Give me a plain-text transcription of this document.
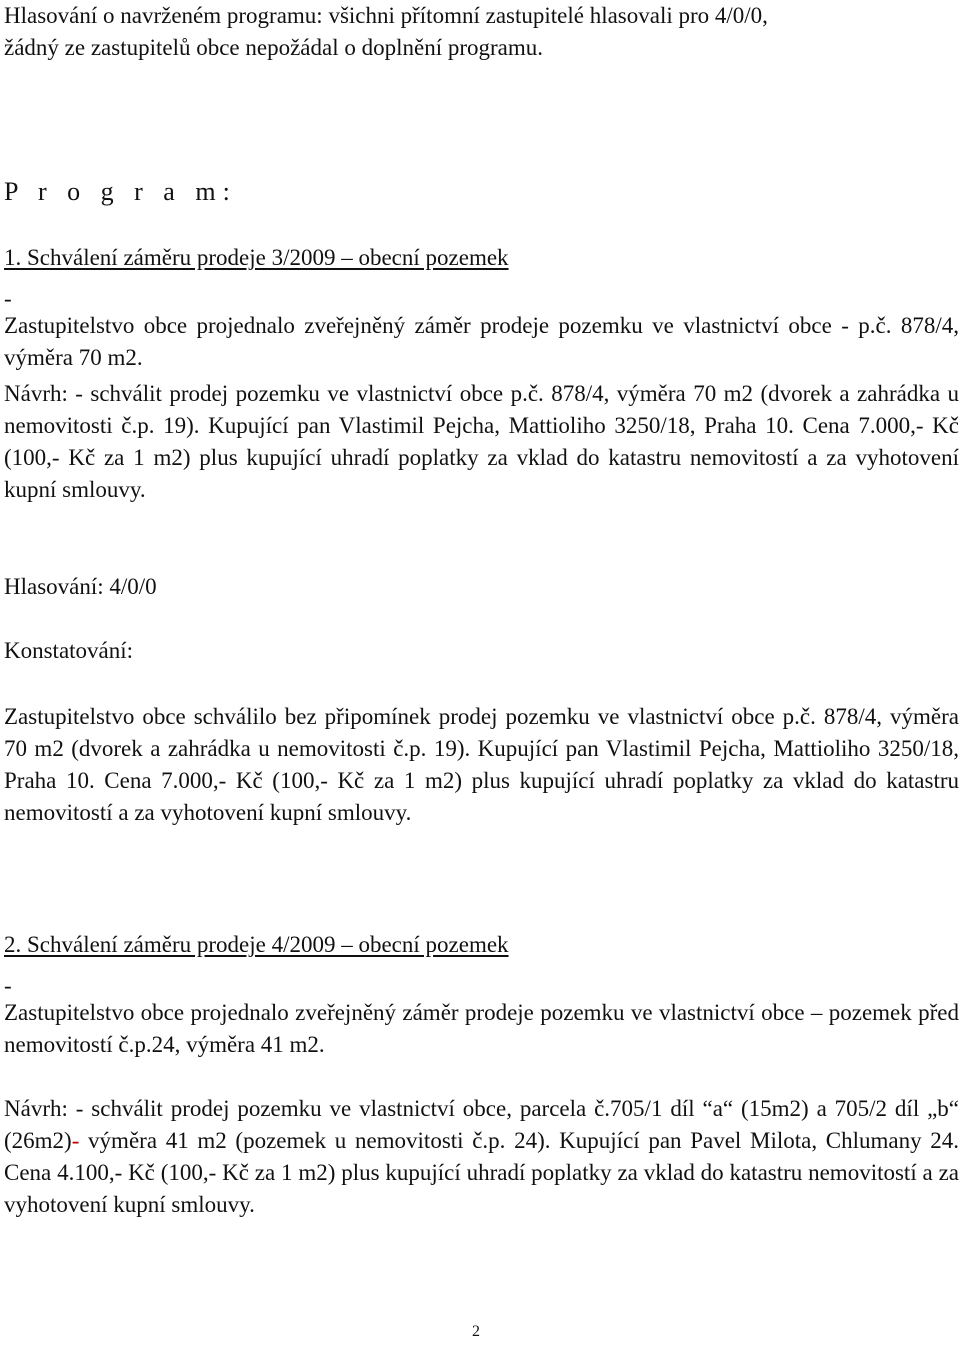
Hlasování o navrženém programu: všichni přítomní zastupitelé hlasovali pro 4/0/0,

žádný ze zastupitelů obce nepožádal o doplnění programu.

P r o g r a m:

1. Schválení záměru prodeje 3/2009 – obecní pozemek

-

Zastupitelstvo obce projednalo zveřejněný záměr prodeje pozemku ve vlastnictví obce - p.č. 878/4, výměra 70 m2.

Návrh: - schválit prodej pozemku ve vlastnictví obce p.č. 878/4, výměra 70 m2 (dvorek a zahrádka u nemovitosti č.p. 19). Kupující pan Vlastimil Pejcha, Mattioliho 3250/18, Praha 10. Cena 7.000,- Kč (100,- Kč za 1 m2) plus kupující uhradí poplatky za vklad do katastru nemovitostí a za vyhotovení kupní smlouvy.

Hlasování: 4/0/0

Konstatování:

Zastupitelstvo obce schválilo bez připomínek prodej pozemku ve vlastnictví obce p.č. 878/4, výměra 70 m2 (dvorek a zahrádka u nemovitosti č.p. 19). Kupující pan Vlastimil Pejcha, Mattioliho 3250/18, Praha 10. Cena 7.000,- Kč (100,- Kč za 1 m2) plus kupující uhradí poplatky za vklad do katastru nemovitostí a za vyhotovení kupní smlouvy.

2. Schválení záměru prodeje 4/2009 – obecní pozemek

-

Zastupitelstvo obce projednalo zveřejněný záměr prodeje pozemku ve vlastnictví obce – pozemek před nemovitostí č.p.24, výměra 41 m2.

Návrh: - schválit prodej pozemku ve vlastnictví obce, parcela č.705/1 díl “a“ (15m2) a 705/2 díl „b“ (26m2)- výměra 41 m2 (pozemek u nemovitosti č.p. 24). Kupující pan Pavel Milota, Chlumany 24. Cena 4.100,- Kč (100,- Kč za 1 m2) plus kupující uhradí poplatky za vklad do katastru nemovitostí a za vyhotovení kupní smlouvy.

2
